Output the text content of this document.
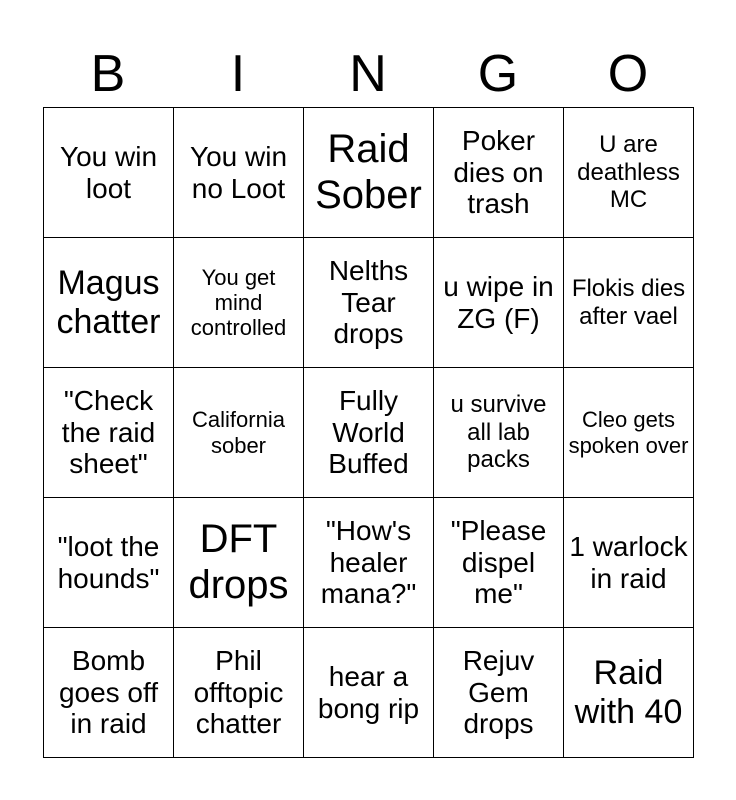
B	I	N	G	O
You win loot	You win no Loot	Raid Sober	Poker dies on trash	U are deathless MC
Magus chatter	You get mind controlled	Nelths Tear drops	u wipe in ZG (F)	Flokis dies after vael
"Check the raid sheet"	California sober	Fully World Buffed	u survive all lab packs	Cleo gets spoken over
"loot the hounds"	DFT drops	"How's healer mana?"	"Please dispel me"	1 warlock in raid
Bomb goes off in raid	Phil offtopic chatter	hear a bong rip	Rejuv Gem drops	Raid with 40
